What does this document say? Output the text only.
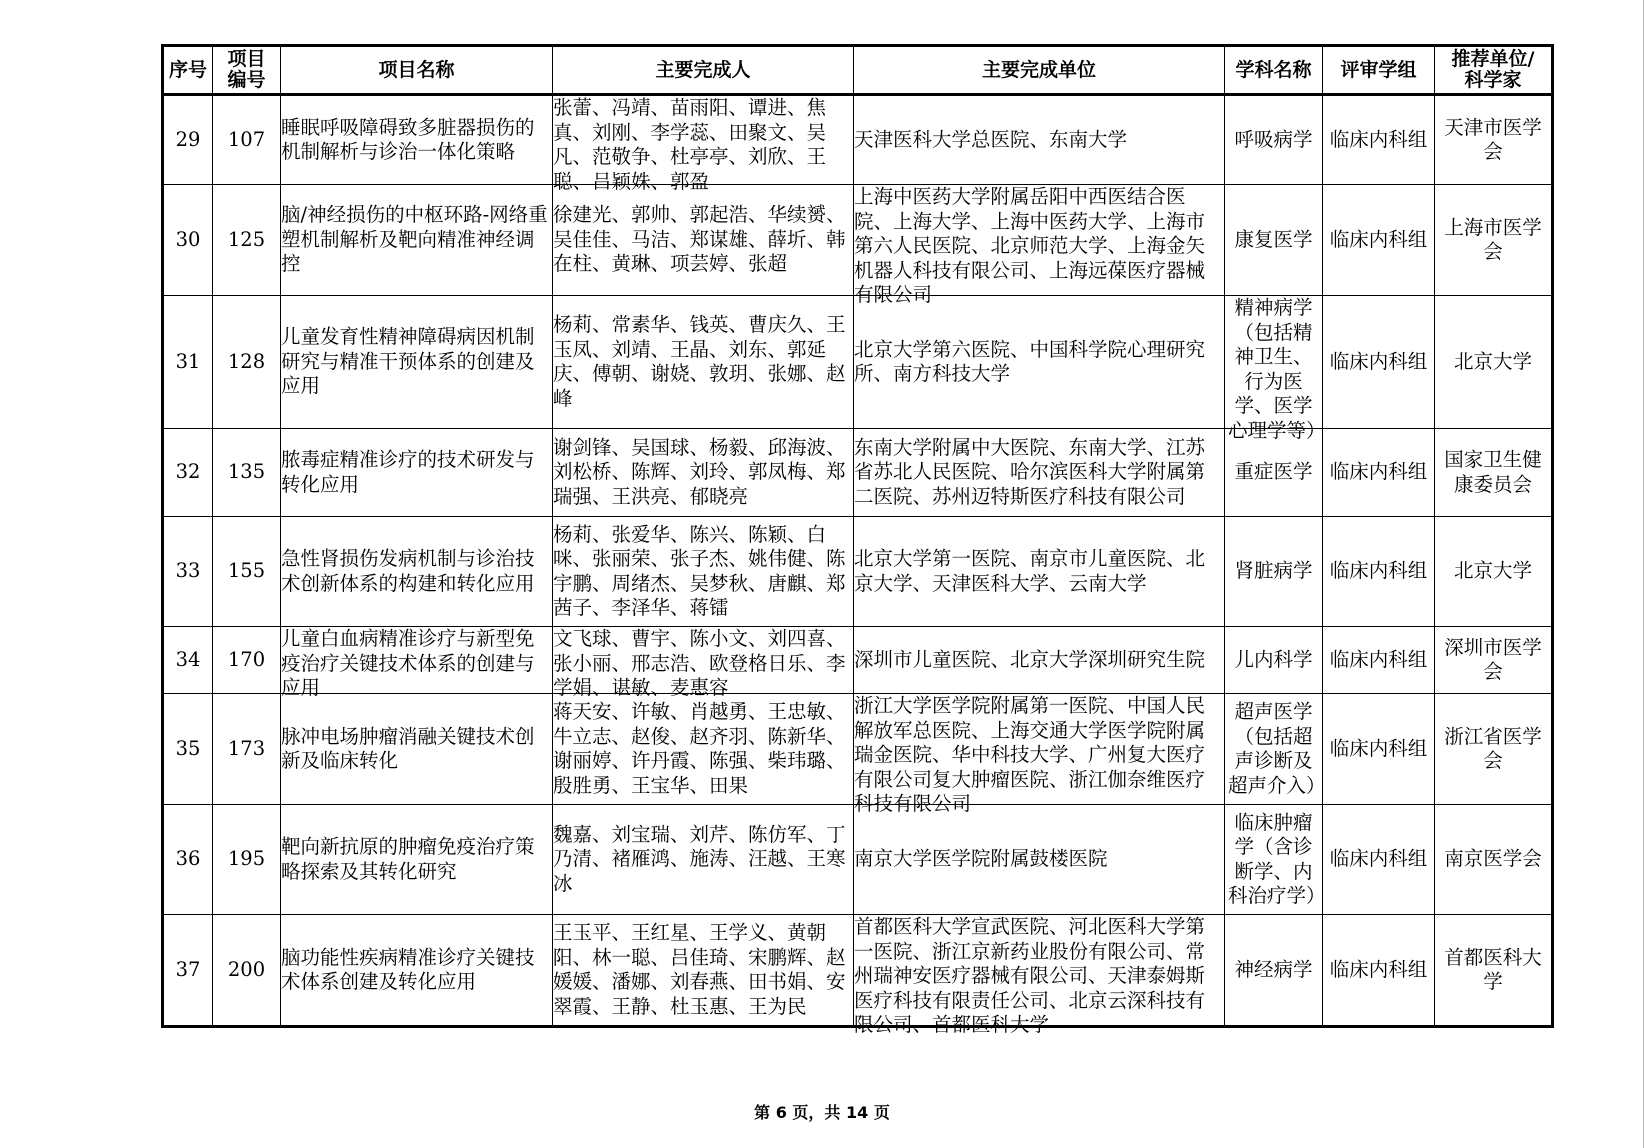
序号	项目编号	项目名称	主要完成人	主要完成单位	学科名称	评审学组	推荐单位/科学家

29	107	睡眠呼吸障碍致多脏器损伤的机制解析与诊治一体化策略	张蕾、冯靖、苗雨阳、谭进、焦真、刘刚、李学蕊、田聚文、吴凡、范敬争、杜亭亭、刘欣、王聪、吕颖姝、郭盈	天津医科大学总医院、东南大学	呼吸病学	临床内科组	天津市医学会

30	125	脑/神经损伤的中枢环路-网络重塑机制解析及靶向精准神经调控	徐建光、郭帅、郭起浩、华续赟、吴佳佳、马洁、郑谋雄、薛圻、韩在柱、黄琳、项芸婷、张超	上海中医药大学附属岳阳中西医结合医院、上海大学、上海中医药大学、上海市第六人民医院、北京师范大学、上海金矢机器人科技有限公司、上海远葆医疗器械有限公司	康复医学	临床内科组	上海市医学会

31	128	儿童发育性精神障碍病因机制研究与精准干预体系的创建及应用	杨莉、常素华、钱英、曹庆久、王玉凤、刘靖、王晶、刘东、郭延庆、傅朝、谢娆、敦玥、张娜、赵峰	北京大学第六医院、中国科学院心理研究所、南方科技大学	精神病学（包括精神卫生、行为医学、医学心理学等）	临床内科组	北京大学

32	135	脓毒症精准诊疗的技术研发与转化应用	谢剑锋、吴国球、杨毅、邱海波、刘松桥、陈辉、刘玲、郭凤梅、郑瑞强、王洪亮、郁晓亮	东南大学附属中大医院、东南大学、江苏省苏北人民医院、哈尔滨医科大学附属第二医院、苏州迈特斯医疗科技有限公司	重症医学	临床内科组	国家卫生健康委员会

33	155	急性肾损伤发病机制与诊治技术创新体系的构建和转化应用	杨莉、张爱华、陈兴、陈颖、白咪、张丽荣、张子杰、姚伟健、陈宇鹏、周绪杰、吴梦秋、唐麒、郑茜子、李泽华、蒋镭	北京大学第一医院、南京市儿童医院、北京大学、天津医科大学、云南大学	肾脏病学	临床内科组	北京大学

34	170	儿童白血病精准诊疗与新型免疫治疗关键技术体系的创建与应用	文飞球、曹宇、陈小文、刘四喜、张小丽、邢志浩、欧登格日乐、李学娟、谌敏、麦惠容	深圳市儿童医院、北京大学深圳研究生院	儿内科学	临床内科组	深圳市医学会

35	173	脉冲电场肿瘤消融关键技术创新及临床转化	蒋天安、许敏、肖越勇、王忠敏、牛立志、赵俊、赵齐羽、陈新华、谢丽婷、许丹霞、陈强、柴玮璐、殷胜勇、王宝华、田果	浙江大学医学院附属第一医院、中国人民解放军总医院、上海交通大学医学院附属瑞金医院、华中科技大学、广州复大医疗有限公司复大肿瘤医院、浙江伽奈维医疗科技有限公司	超声医学（包括超声诊断及超声介入）	临床内科组	浙江省医学会

36	195	靶向新抗原的肿瘤免疫治疗策略探索及其转化研究	魏嘉、刘宝瑞、刘芹、陈仿军、丁乃清、褚雁鸿、施涛、汪越、王寒冰	南京大学医学院附属鼓楼医院	临床肿瘤学（含诊断学、内科治疗学）	临床内科组	南京医学会

37	200	脑功能性疾病精准诊疗关键技术体系创建及转化应用	王玉平、王红星、王学义、黄朝阳、林一聪、吕佳琦、宋鹏辉、赵媛媛、潘娜、刘春燕、田书娟、安翠霞、王静、杜玉惠、王为民	首都医科大学宣武医院、河北医科大学第一医院、浙江京新药业股份有限公司、常州瑞神安医疗器械有限公司、天津泰姆斯医疗科技有限责任公司、北京云深科技有限公司、首都医科大学	神经病学	临床内科组	首都医科大学
第 6 页，共 14 页
